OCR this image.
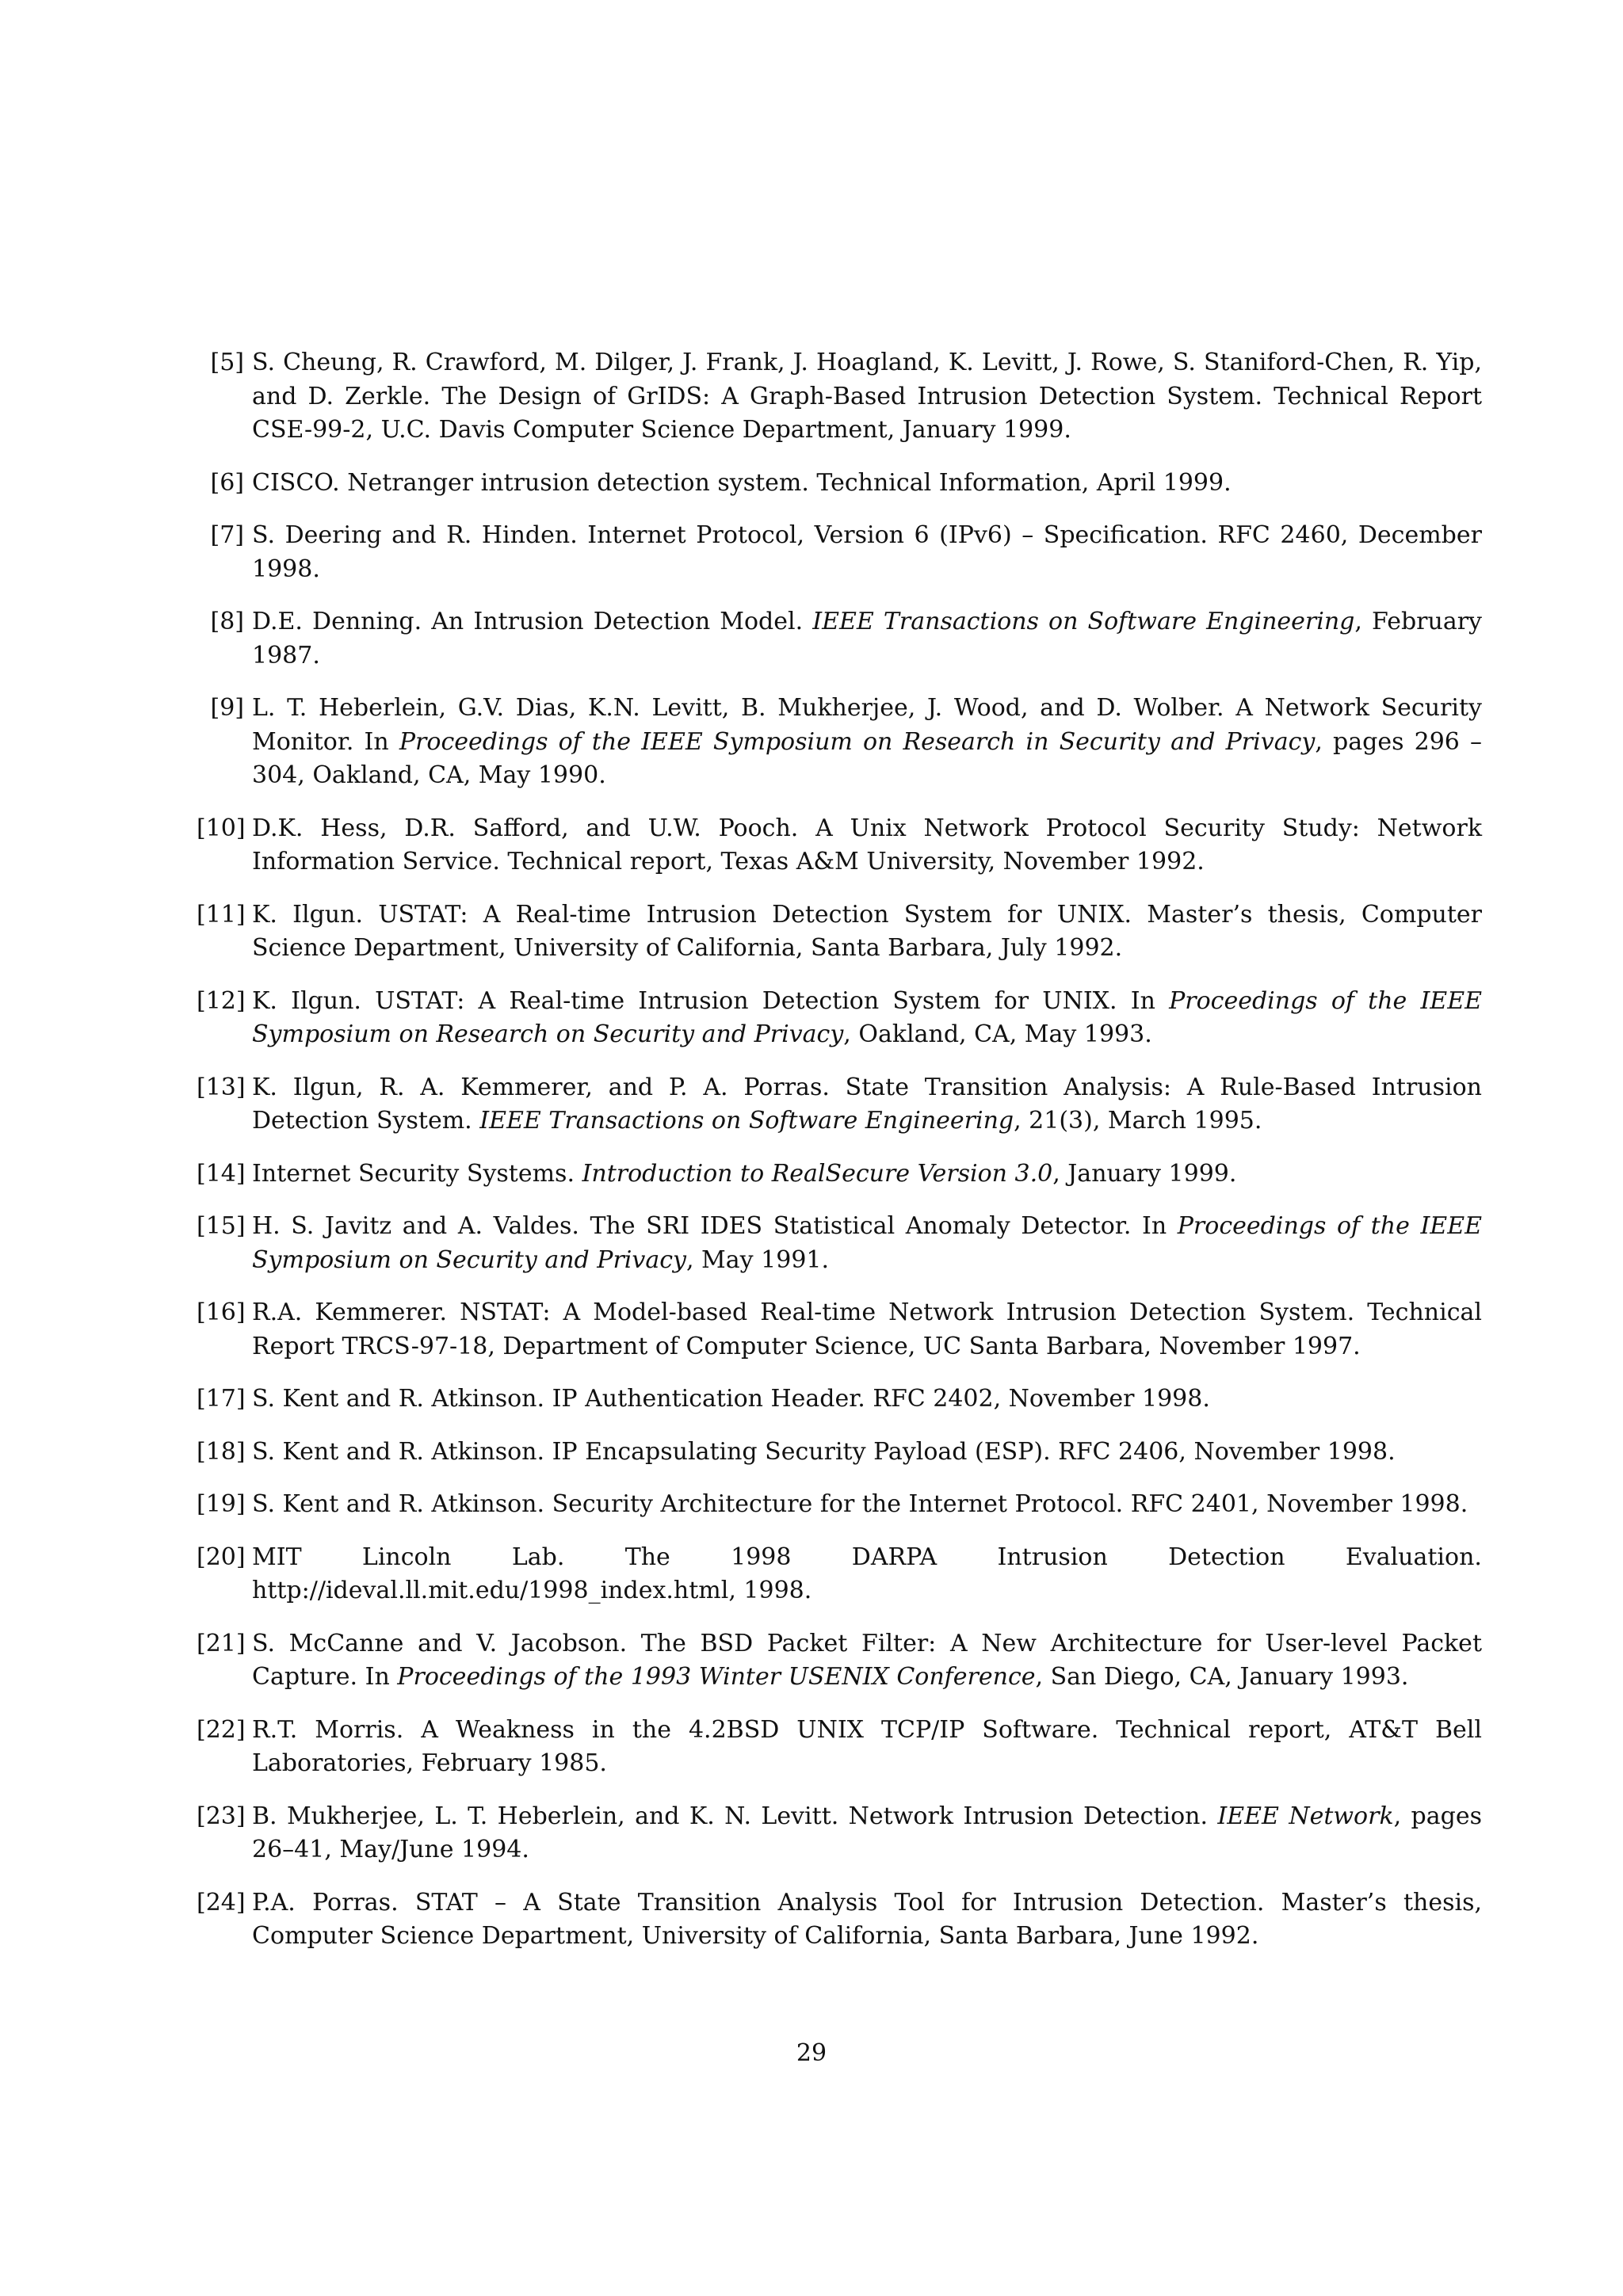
[5] S. Cheung, R. Crawford, M. Dilger, J. Frank, J. Hoagland, K. Levitt, J. Rowe, S. Staniford-Chen, R. Yip, and D. Zerkle. The Design of GrIDS: A Graph-Based Intrusion Detection System. Technical Report CSE-99-2, U.C. Davis Computer Science Department, January 1999.
[6] CISCO. Netranger intrusion detection system. Technical Information, April 1999.
[7] S. Deering and R. Hinden. Internet Protocol, Version 6 (IPv6) – Specification. RFC 2460, December 1998.
[8] D.E. Denning. An Intrusion Detection Model. IEEE Transactions on Software Engineering, February 1987.
[9] L. T. Heberlein, G.V. Dias, K.N. Levitt, B. Mukherjee, J. Wood, and D. Wolber. A Network Security Monitor. In Proceedings of the IEEE Symposium on Research in Security and Privacy, pages 296 – 304, Oakland, CA, May 1990.
[10] D.K. Hess, D.R. Safford, and U.W. Pooch. A Unix Network Protocol Security Study: Network Information Service. Technical report, Texas A&M University, November 1992.
[11] K. Ilgun. USTAT: A Real-time Intrusion Detection System for UNIX. Master’s thesis, Computer Science Department, University of California, Santa Barbara, July 1992.
[12] K. Ilgun. USTAT: A Real-time Intrusion Detection System for UNIX. In Proceedings of the IEEE Symposium on Research on Security and Privacy, Oakland, CA, May 1993.
[13] K. Ilgun, R. A. Kemmerer, and P. A. Porras. State Transition Analysis: A Rule-Based Intrusion Detection System. IEEE Transactions on Software Engineering, 21(3), March 1995.
[14] Internet Security Systems. Introduction to RealSecure Version 3.0, January 1999.
[15] H. S. Javitz and A. Valdes. The SRI IDES Statistical Anomaly Detector. In Proceedings of the IEEE Symposium on Security and Privacy, May 1991.
[16] R.A. Kemmerer. NSTAT: A Model-based Real-time Network Intrusion Detection System. Technical Report TRCS-97-18, Department of Computer Science, UC Santa Barbara, November 1997.
[17] S. Kent and R. Atkinson. IP Authentication Header. RFC 2402, November 1998.
[18] S. Kent and R. Atkinson. IP Encapsulating Security Payload (ESP). RFC 2406, November 1998.
[19] S. Kent and R. Atkinson. Security Architecture for the Internet Protocol. RFC 2401, November 1998.
[20] MIT	Lincoln	Lab.	The	1998	DARPA	Intrusion	Detection	Evaluation.
http://ideval.ll.mit.edu/1998_index.html, 1998.
[21] S. McCanne and V. Jacobson. The BSD Packet Filter: A New Architecture for User-level Packet Capture. In Proceedings of the 1993 Winter USENIX Conference, San Diego, CA, January 1993.
[22] R.T. Morris. A Weakness in the 4.2BSD UNIX TCP/IP Software. Technical report, AT&T Bell Laboratories, February 1985.
[23] B. Mukherjee, L. T. Heberlein, and K. N. Levitt. Network Intrusion Detection. IEEE Network, pages 26–41, May/June 1994.
[24] P.A. Porras. STAT – A State Transition Analysis Tool for Intrusion Detection. Master’s thesis, Computer Science Department, University of California, Santa Barbara, June 1992.
29
